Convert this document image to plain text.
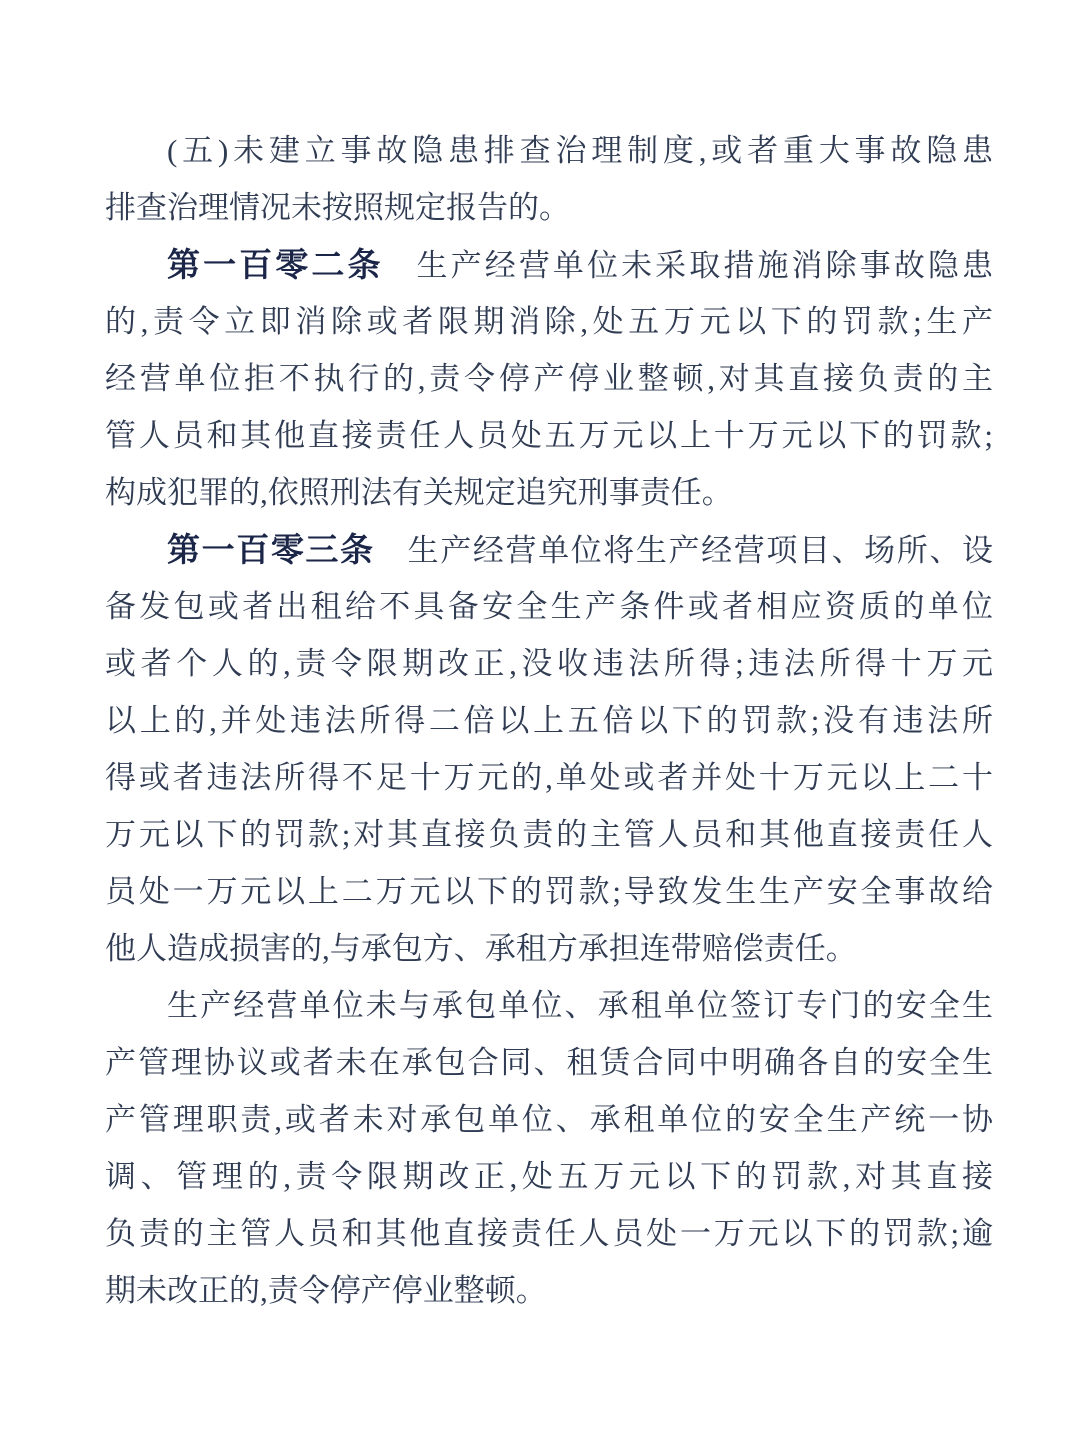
(五)未建立事故隐患排查治理制度,或者重大事故隐患
排查治理情况未按照规定报告的。
第一百零二条 生产经营单位未采取措施消除事故隐患
的,责令立即消除或者限期消除,处五万元以下的罚款;生产
经营单位拒不执行的,责令停产停业整顿,对其直接负责的主
管人员和其他直接责任人员处五万元以上十万元以下的罚款;
构成犯罪的,依照刑法有关规定追究刑事责任。
第一百零三条 生产经营单位将生产经营项目、场所、设
备发包或者出租给不具备安全生产条件或者相应资质的单位
或者个人的,责令限期改正,没收违法所得;违法所得十万元
以上的,并处违法所得二倍以上五倍以下的罚款;没有违法所
得或者违法所得不足十万元的,单处或者并处十万元以上二十
万元以下的罚款;对其直接负责的主管人员和其他直接责任人
员处一万元以上二万元以下的罚款;导致发生生产安全事故给
他人造成损害的,与承包方、承租方承担连带赔偿责任。
生产经营单位未与承包单位、承租单位签订专门的安全生
产管理协议或者未在承包合同、租赁合同中明确各自的安全生
产管理职责,或者未对承包单位、承租单位的安全生产统一协
调、管理的,责令限期改正,处五万元以下的罚款,对其直接
负责的主管人员和其他直接责任人员处一万元以下的罚款;逾
期未改正的,责令停产停业整顿。
